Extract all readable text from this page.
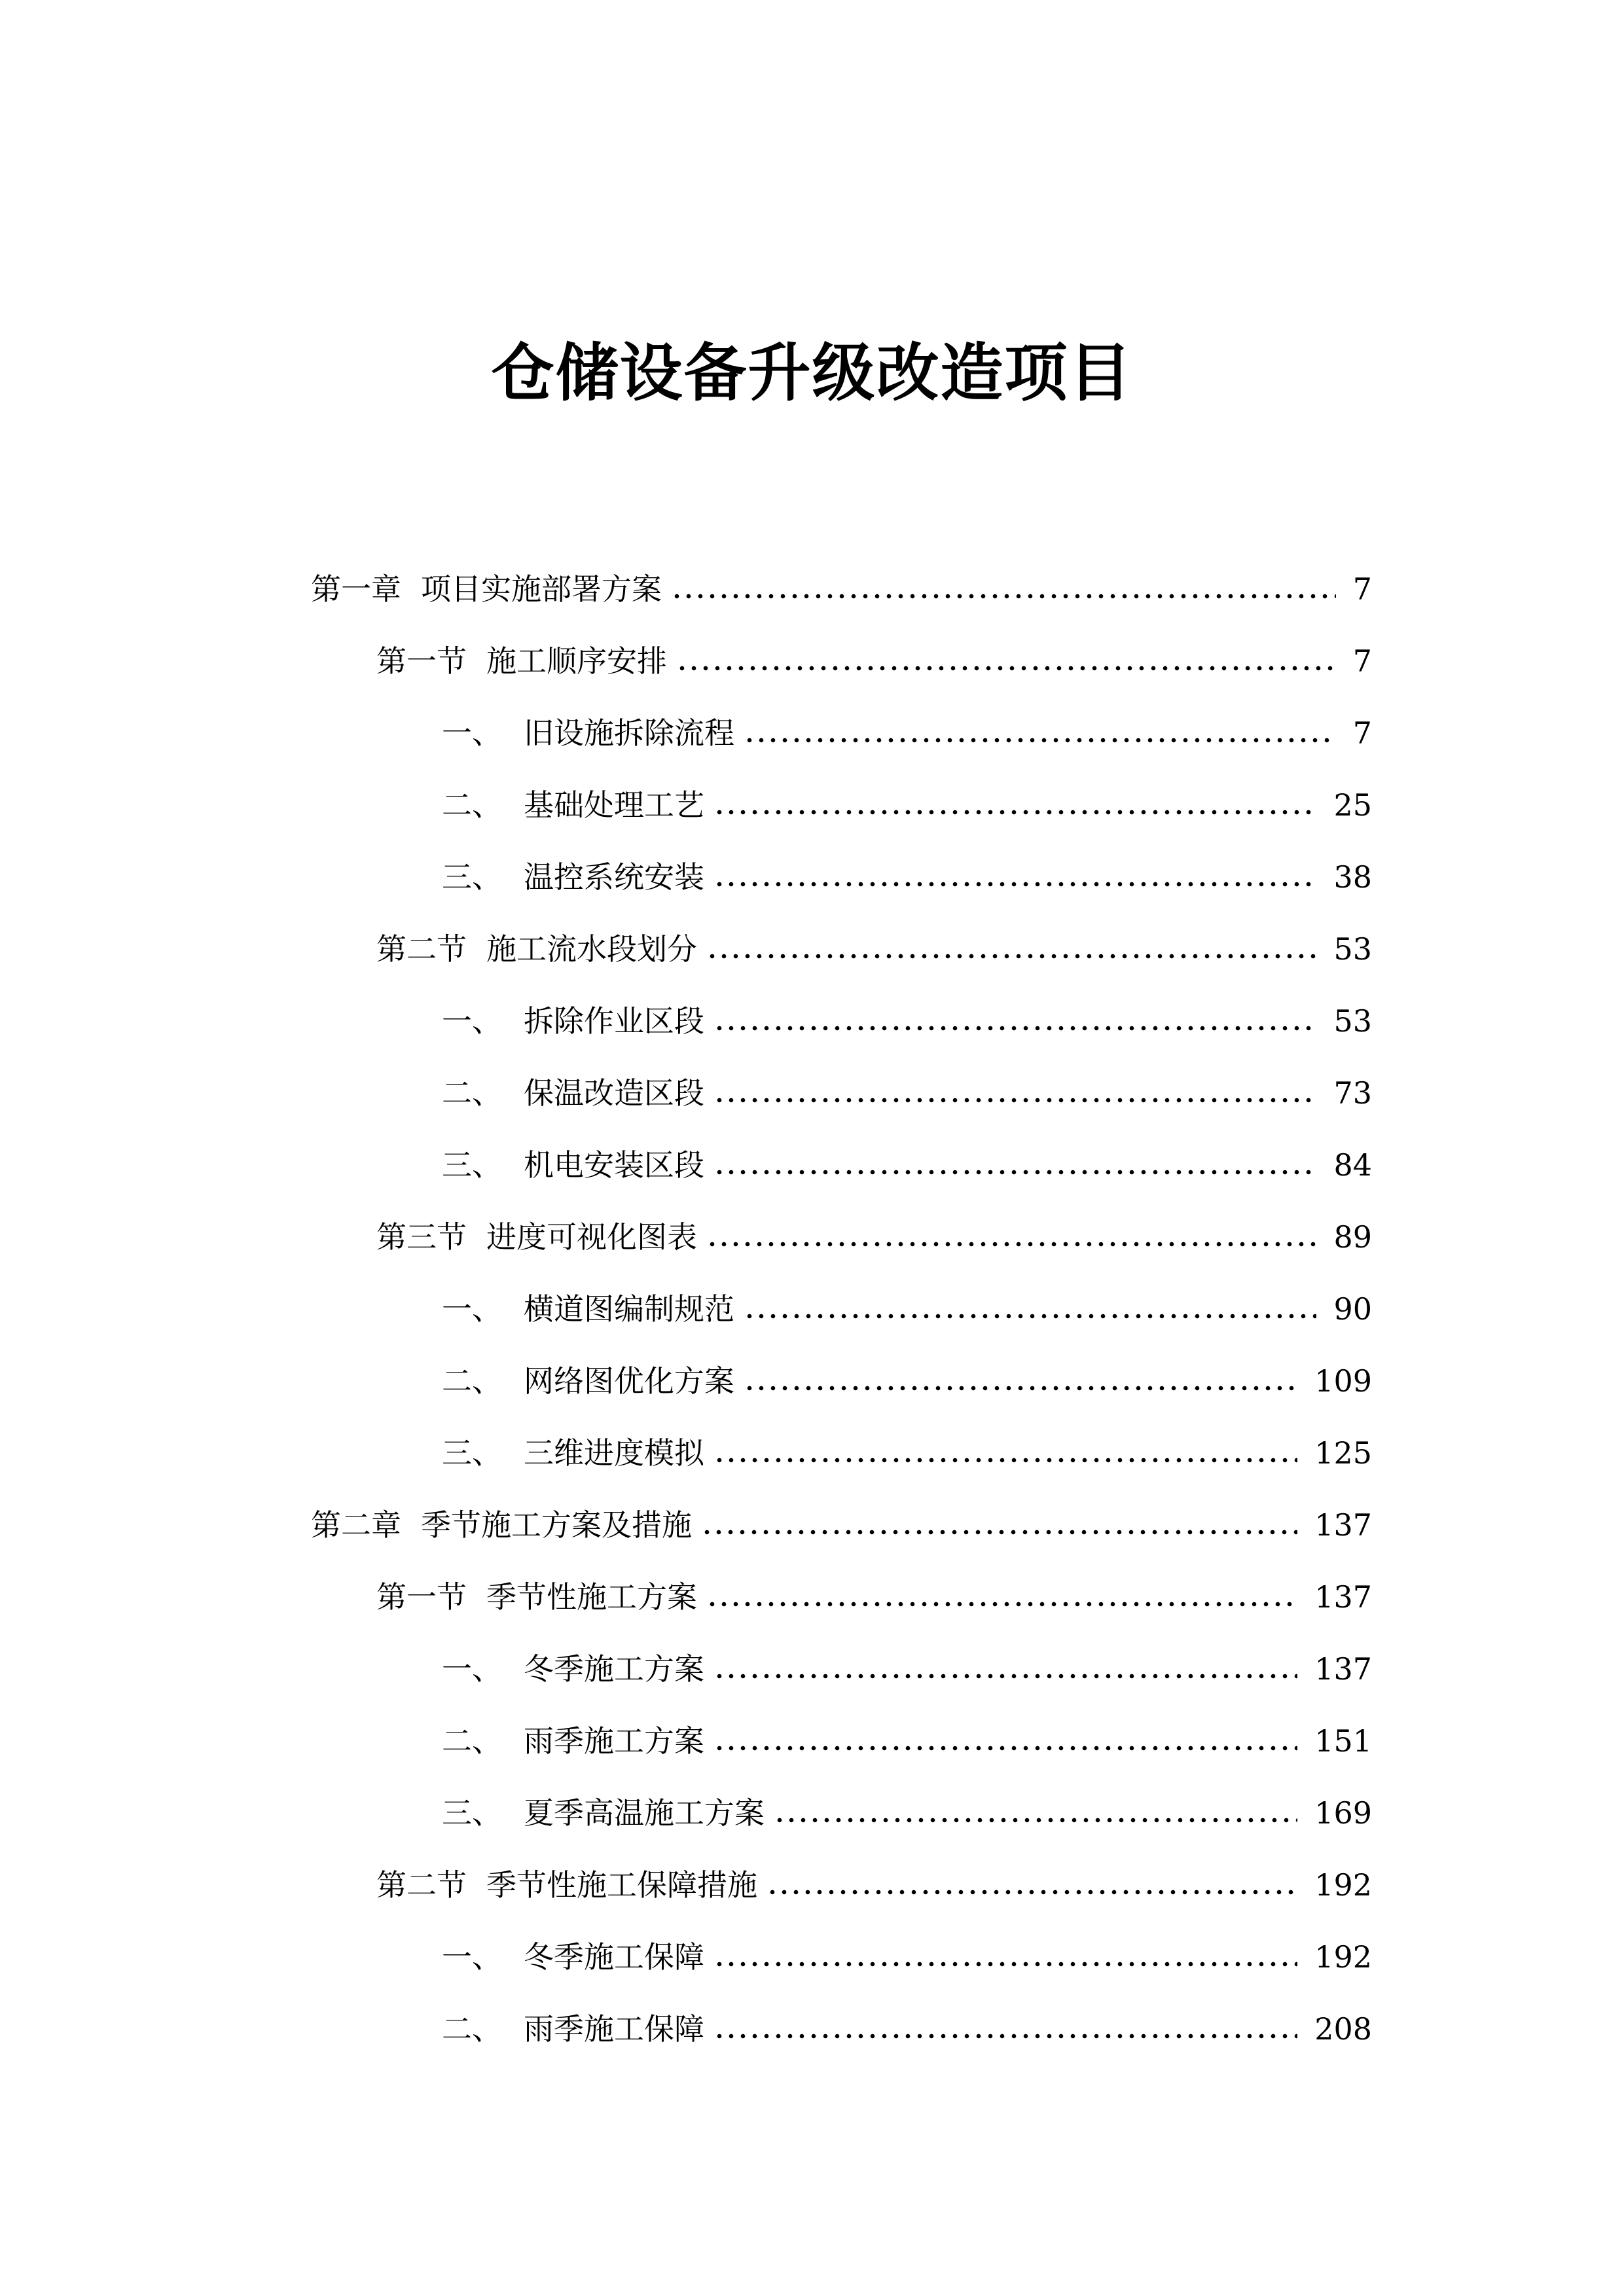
仓储设备升级改造项目
第一章 项目实施部署方案	7
第一节 施工顺序安排	7
一、 旧设施拆除流程	7
二、 基础处理工艺	25
三、 温控系统安装	38
第二节 施工流水段划分	53
一、 拆除作业区段	53
二、 保温改造区段	73
三、 机电安装区段	84
第三节 进度可视化图表	89
一、 横道图编制规范	90
二、 网络图优化方案	109
三、 三维进度模拟	125
第二章 季节施工方案及措施	137
第一节 季节性施工方案	137
一、 冬季施工方案	137
二、 雨季施工方案	151
三、 夏季高温施工方案	169
第二节 季节性施工保障措施	192
一、 冬季施工保障	192
二、 雨季施工保障	208
